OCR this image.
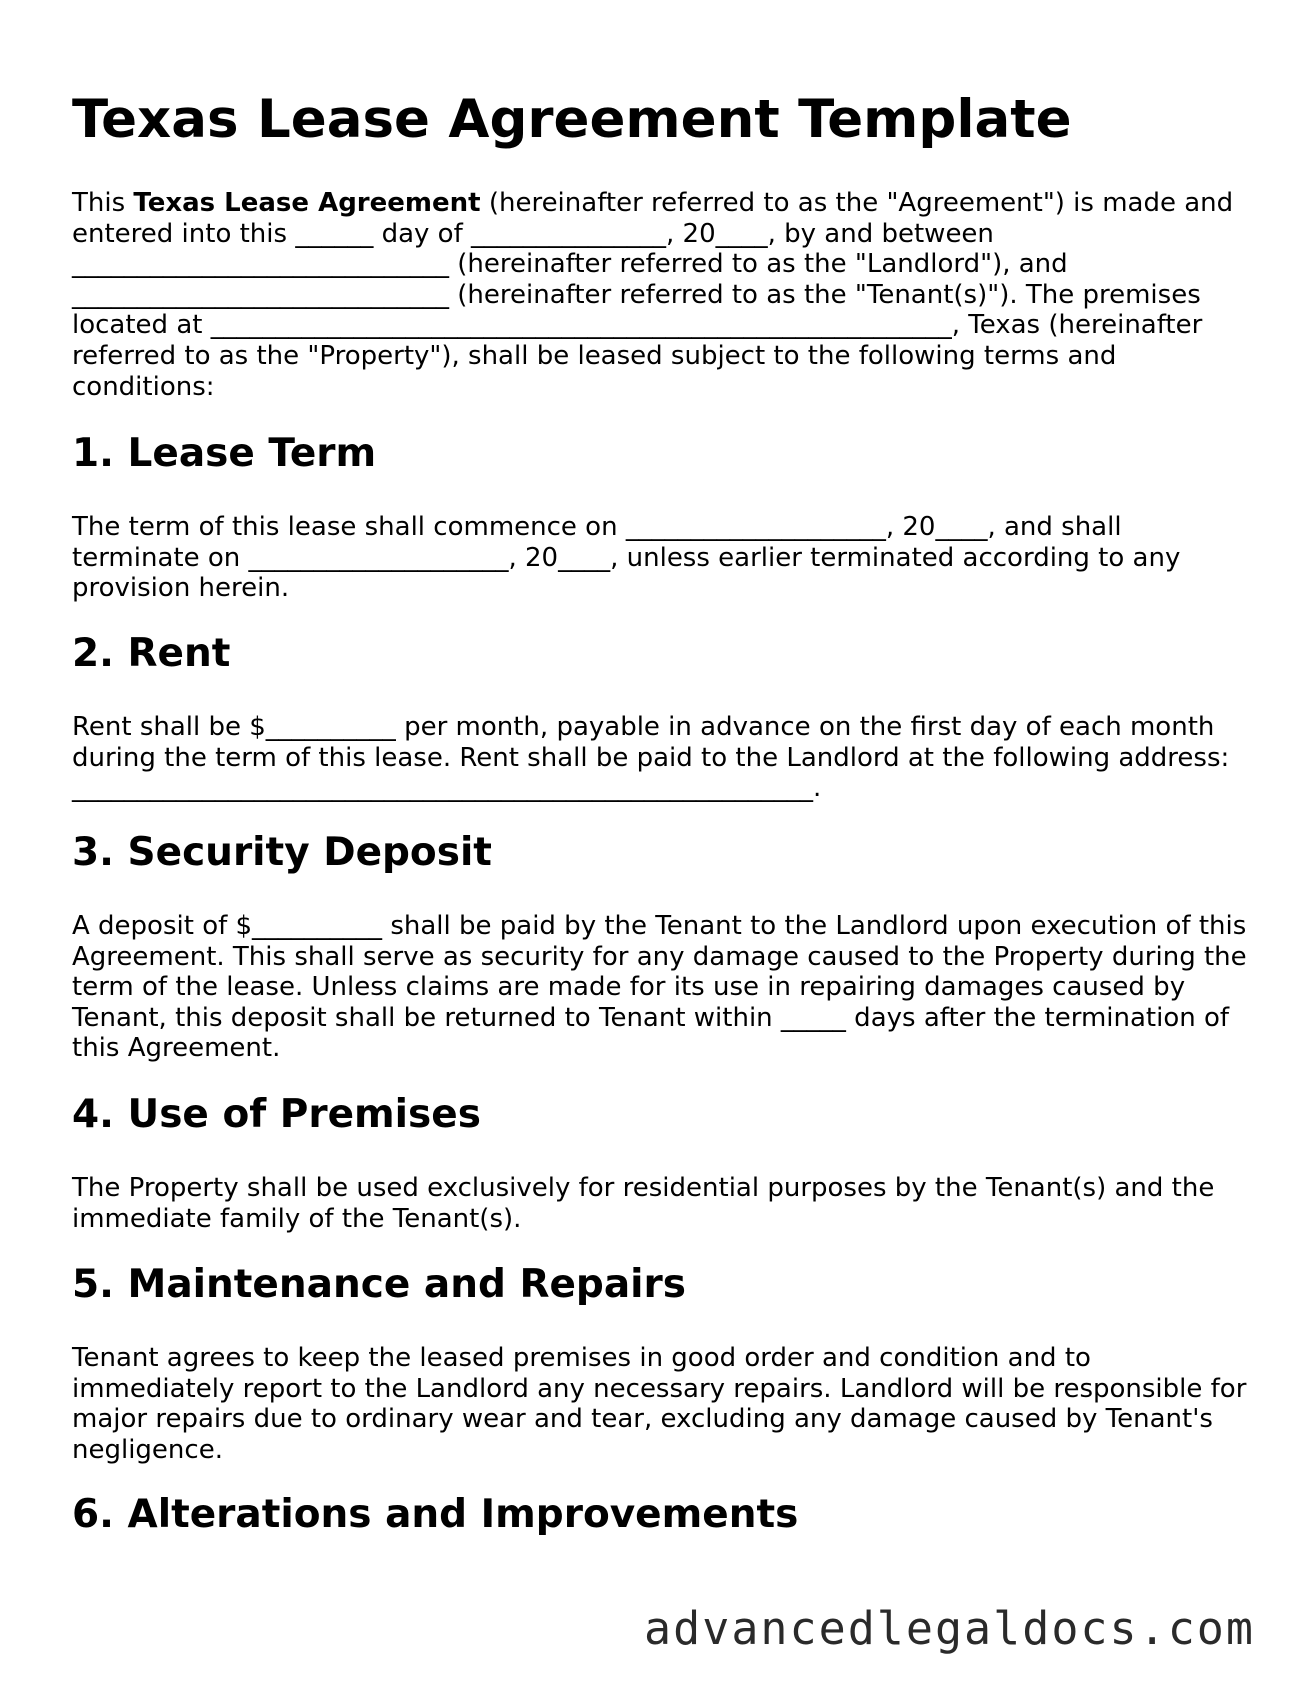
Texas Lease Agreement Template

This Texas Lease Agreement (hereinafter referred to as the "Agreement") is made and
entered into this ______ day of _______________, 20____, by and between
_____________________________ (hereinafter referred to as the "Landlord"), and
_____________________________ (hereinafter referred to as the "Tenant(s)"). The premises
located at _________________________________________________________, Texas (hereinafter
referred to as the "Property"), shall be leased subject to the following terms and
conditions:

1. Lease Term

The term of this lease shall commence on ____________________, 20____, and shall
terminate on ____________________, 20____, unless earlier terminated according to any
provision herein.

2. Rent

Rent shall be $__________ per month, payable in advance on the first day of each month
during the term of this lease. Rent shall be paid to the Landlord at the following address:
_________________________________________________________.

3. Security Deposit

A deposit of $__________ shall be paid by the Tenant to the Landlord upon execution of this
Agreement. This shall serve as security for any damage caused to the Property during the
term of the lease. Unless claims are made for its use in repairing damages caused by
Tenant, this deposit shall be returned to Tenant within _____ days after the termination of
this Agreement.

4. Use of Premises

The Property shall be used exclusively for residential purposes by the Tenant(s) and the
immediate family of the Tenant(s).

5. Maintenance and Repairs

Tenant agrees to keep the leased premises in good order and condition and to
immediately report to the Landlord any necessary repairs. Landlord will be responsible for
major repairs due to ordinary wear and tear, excluding any damage caused by Tenant's
negligence.

6. Alterations and Improvements
advancedlegaldocs.com
